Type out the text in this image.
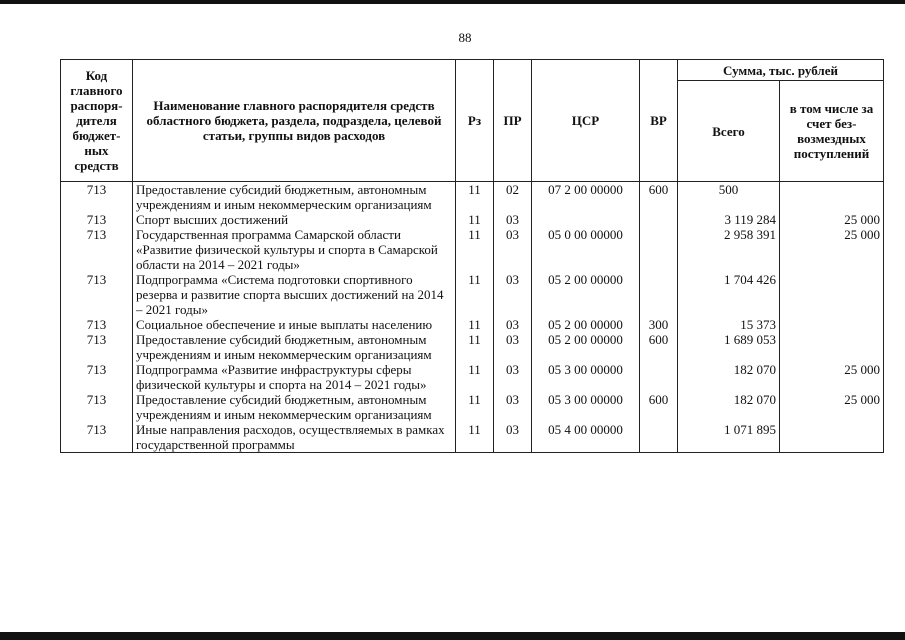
88
Код главного распоря-дителя бюджет-ных средств	Наименование главного распорядителя средств областного бюджета, раздела, подраздела, целевой статьи, группы видов расходов	Рз	ПР	ЦСР	ВР	Сумма, тыс. рублей	
						Всего	в том числе за счет без-возмездных поступлений
713	Предоставление субсидий бюджетным, автономным учреждениям и иным некоммерческим организациям	11	02	07 2 00 00000	600	500	
713	Спорт высших достижений	11	03			3 119 284	25 000
713	Государственная программа Самарской области «Развитие физической культуры и спорта в Самарской области на 2014 – 2021 годы»	11	03	05 0 00 00000		2 958 391	25 000
713	Подпрограмма «Система подготовки спортивного резерва и развитие спорта высших достижений на 2014 – 2021 годы»	11	03	05 2 00 00000		1 704 426	
713	Социальное обеспечение и иные выплаты населению	11	03	05 2 00 00000	300	15 373	
713	Предоставление субсидий бюджетным, автономным учреждениям и иным некоммерческим организациям	11	03	05 2 00 00000	600	1 689 053	
713	Подпрограмма «Развитие инфраструктуры сферы физической культуры и спорта на 2014 – 2021 годы»	11	03	05 3 00 00000		182 070	25 000
713	Предоставление субсидий бюджетным, автономным учреждениям и иным некоммерческим организациям	11	03	05 3 00 00000	600	182 070	25 000
713	Иные направления расходов, осуществляемых в рамках государственной программы	11	03	05 4 00 00000		1 071 895	
